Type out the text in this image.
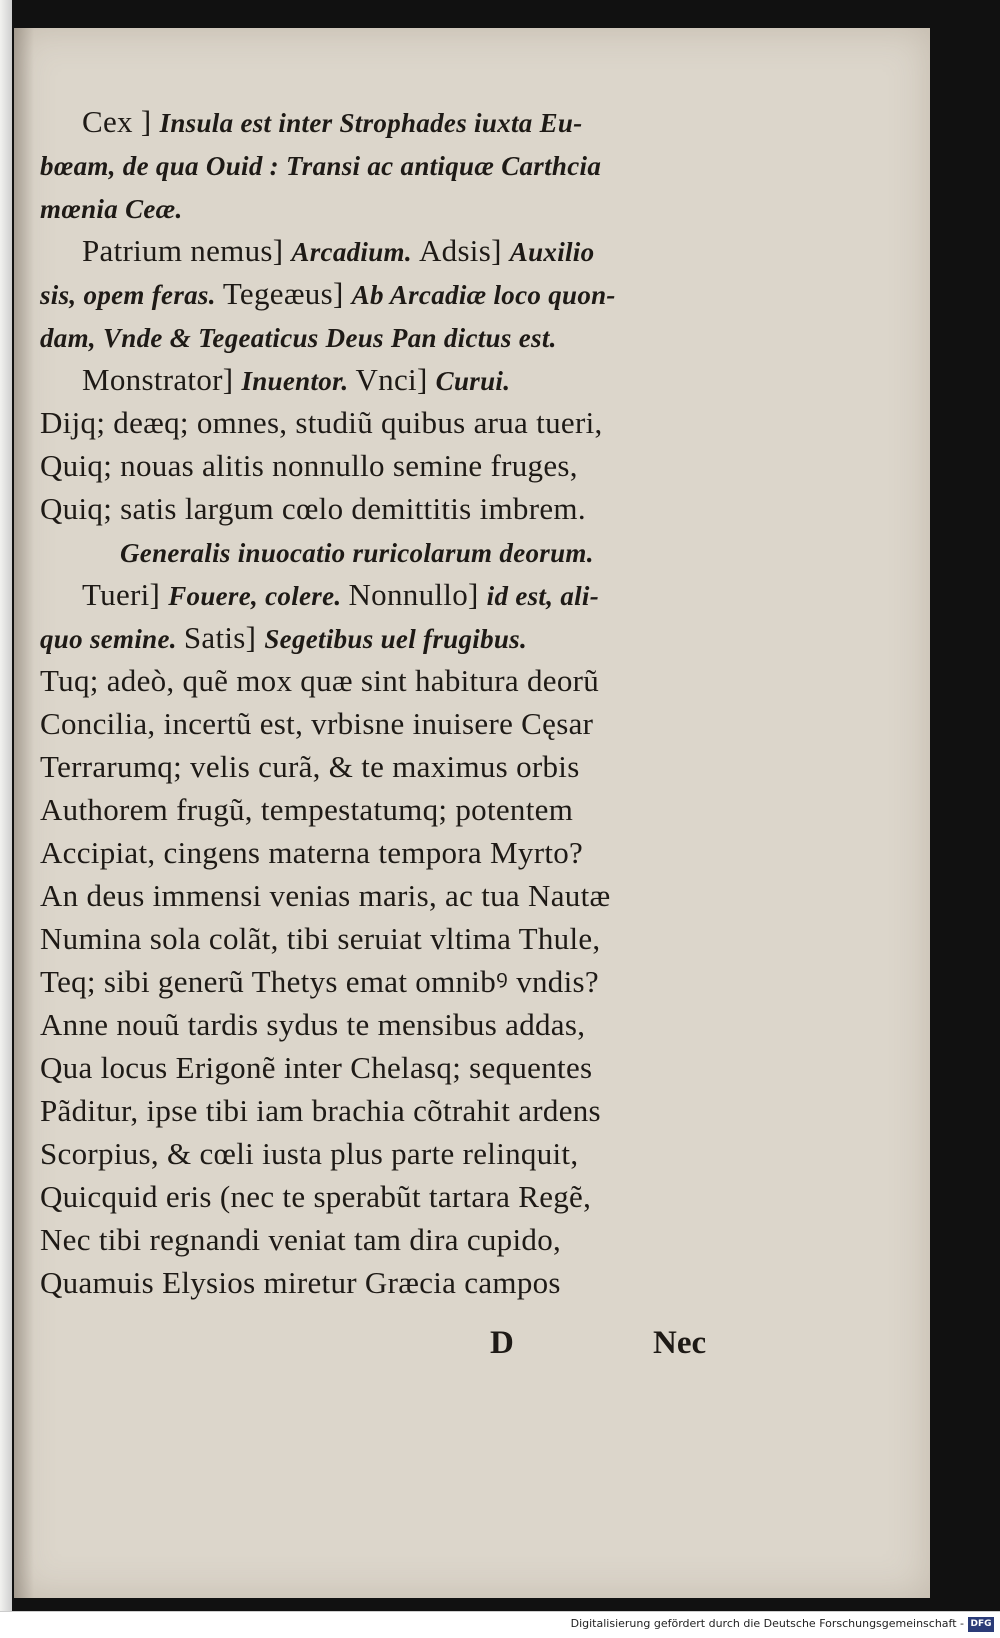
Cex ] Insula est inter Strophades iuxta Eu-
bœam, de qua Ouid : Transi ac antiquæ Carthcia
mœnia Ceæ.
Patrium nemus] Arcadium. Adsis] Auxilio
sis, opem feras. Tegeæus] Ab Arcadiæ loco quon-
dam, Vnde & Tegeaticus Deus Pan dictus est.
Monstrator] Inuentor. Vnci] Curui.
Dijq; deæq; omnes, studiũ quibus arua tueri,
Quiq; nouas alitis nonnullo semine fruges,
Quiq; satis largum cœlo demittitis imbrem.
Generalis inuocatio ruricolarum deorum.
Tueri] Fouere, colere. Nonnullo] id est, ali-
quo semine. Satis] Segetibus uel frugibus.
Tuq; adeò, quẽ mox quæ sint habitura deorũ
Concilia, incertũ est, vrbisne inuisere Cęsar
Terrarumq; velis curã, & te maximus orbis
Authorem frugũ, tempestatumq; potentem
Accipiat, cingens materna tempora Myrto?
An deus immensi venias maris, ac tua Nautæ
Numina sola colãt, tibi seruiat vltima Thule,
Teq; sibi generũ Thetys emat omnibꝰ vndis?
Anne nouũ tardis sydus te mensibus addas,
Qua locus Erigonẽ inter Chelasq; sequentes
Pãditur, ipse tibi iam brachia cõtrahit ardens
Scorpius, & cœli iusta plus parte relinquit,
Quicquid eris (nec te sperabũt tartara Regẽ,
Nec tibi regnandi veniat tam dira cupido,
Quamuis Elysios miretur Græcia campos
D	Nec
Digitalisierung gefördert durch die Deutsche Forschungsgemeinschaft - DFG
